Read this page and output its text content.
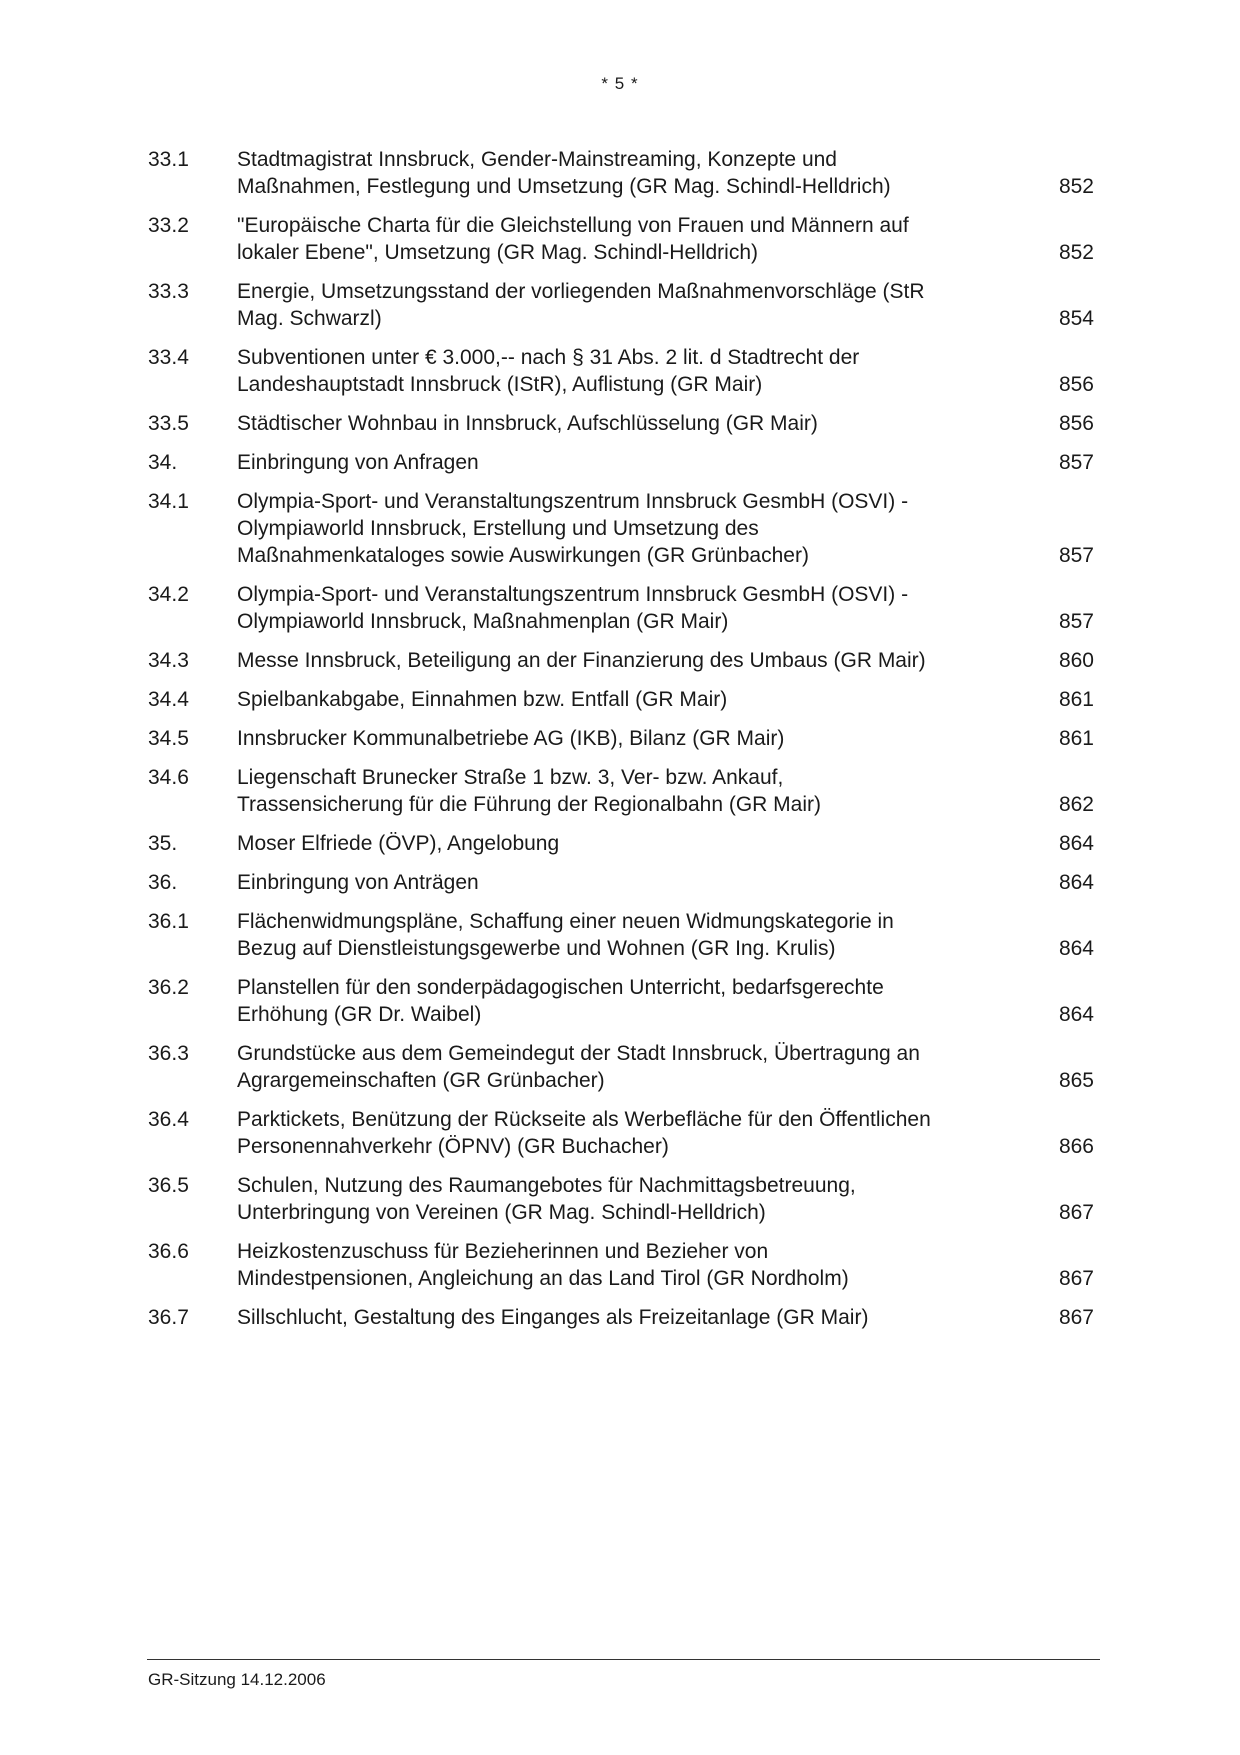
* 5 *
33.1	Stadtmagistrat Innsbruck, Gender-Mainstreaming, Konzepte und Maßnahmen, Festlegung und Umsetzung (GR Mag. Schindl-Helldrich)	852
33.2	"Europäische Charta für die Gleichstellung von Frauen und Männern auf lokaler Ebene", Umsetzung (GR Mag. Schindl-Helldrich)	852
33.3	Energie, Umsetzungsstand der vorliegenden Maßnahmenvorschläge (StR Mag. Schwarzl)	854
33.4	Subventionen unter € 3.000,-- nach § 31 Abs. 2 lit. d Stadtrecht der Landeshauptstadt Innsbruck (IStR), Auflistung (GR Mair)	856
33.5	Städtischer Wohnbau in Innsbruck, Aufschlüsselung (GR Mair)	856
34.	Einbringung von Anfragen	857
34.1	Olympia-Sport- und Veranstaltungszentrum Innsbruck GesmbH (OSVI) - Olympiaworld Innsbruck, Erstellung und Umsetzung des Maßnahmenkataloges sowie Auswirkungen (GR Grünbacher)	857
34.2	Olympia-Sport- und Veranstaltungszentrum Innsbruck GesmbH (OSVI) - Olympiaworld Innsbruck, Maßnahmenplan (GR Mair)	857
34.3	Messe Innsbruck, Beteiligung an der Finanzierung des Umbaus (GR Mair)	860
34.4	Spielbankabgabe, Einnahmen bzw. Entfall (GR Mair)	861
34.5	Innsbrucker Kommunalbetriebe AG (IKB), Bilanz (GR Mair)	861
34.6	Liegenschaft Brunecker Straße 1 bzw. 3, Ver- bzw. Ankauf, Trassensicherung für die Führung der Regionalbahn (GR Mair)	862
35.	Moser Elfriede (ÖVP), Angelobung	864
36.	Einbringung von Anträgen	864
36.1	Flächenwidmungspläne, Schaffung einer neuen Widmungskategorie in Bezug auf Dienstleistungsgewerbe und Wohnen (GR Ing. Krulis)	864
36.2	Planstellen für den sonderpädagogischen Unterricht, bedarfsgerechte Erhöhung (GR Dr. Waibel)	864
36.3	Grundstücke aus dem Gemeindegut der Stadt Innsbruck, Übertragung an Agrargemeinschaften (GR Grünbacher)	865
36.4	Parktickets, Benützung der Rückseite als Werbefläche für den Öffentlichen Personennahverkehr (ÖPNV) (GR Buchacher)	866
36.5	Schulen, Nutzung des Raumangebotes für Nachmittagsbetreuung, Unterbringung von Vereinen (GR Mag. Schindl-Helldrich)	867
36.6	Heizkostenzuschuss für Bezieherinnen und Bezieher von Mindestpensionen, Angleichung an das Land Tirol (GR Nordholm)	867
36.7	Sillschlucht, Gestaltung des Einganges als Freizeitanlage (GR Mair)	867
GR-Sitzung 14.12.2006
